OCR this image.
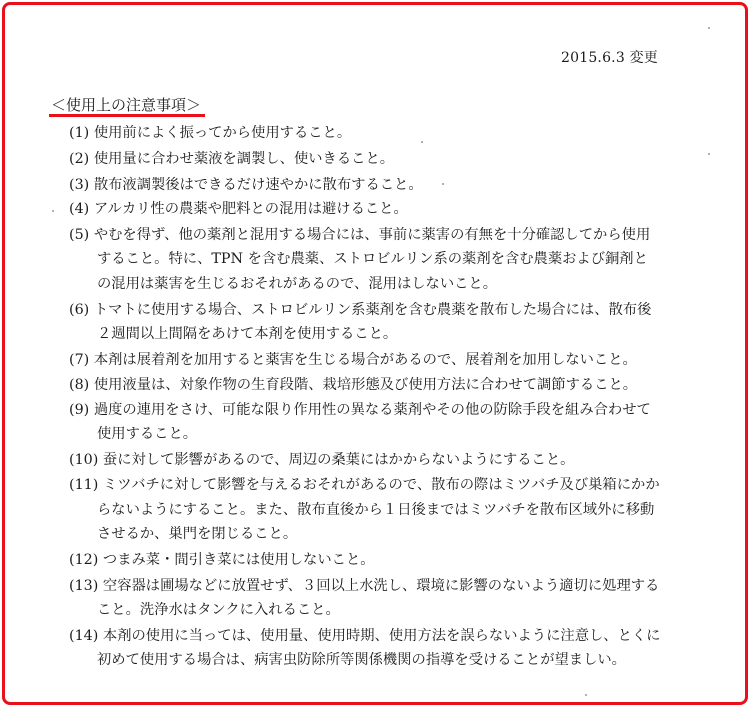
2015.6.3 変更
＜使用上の注意事項＞
(1) 使用前によく振ってから使用すること。
(2) 使用量に合わせ薬液を調製し、使いきること。
(3) 散布液調製後はできるだけ速やかに散布すること。
(4) アルカリ性の農薬や肥料との混用は避けること。
(5) やむを得ず、他の薬剤と混用する場合には、事前に薬害の有無を十分確認してから使用
すること。特に、TPN を含む農薬、ストロビルリン系の薬剤を含む農薬および銅剤と
の混用は薬害を生じるおそれがあるので、混用はしないこと。
(6) トマトに使用する場合、ストロビルリン系薬剤を含む農薬を散布した場合には、散布後
２週間以上間隔をあけて本剤を使用すること。
(7) 本剤は展着剤を加用すると薬害を生じる場合があるので、展着剤を加用しないこと。
(8) 使用液量は、対象作物の生育段階、栽培形態及び使用方法に合わせて調節すること。
(9) 過度の連用をさけ、可能な限り作用性の異なる薬剤やその他の防除手段を組み合わせて
使用すること。
(10) 蚕に対して影響があるので、周辺の桑葉にはかからないようにすること。
(11) ミツバチに対して影響を与えるおそれがあるので、散布の際はミツバチ及び巣箱にかか
らないようにすること。また、散布直後から１日後まではミツバチを散布区域外に移動
させるか、巣門を閉じること。
(12) つまみ菜・間引き菜には使用しないこと。
(13) 空容器は圃場などに放置せず、３回以上水洗し、環境に影響のないよう適切に処理する
こと。洗浄水はタンクに入れること。
(14) 本剤の使用に当っては、使用量、使用時期、使用方法を誤らないように注意し、とくに
初めて使用する場合は、病害虫防除所等関係機関の指導を受けることが望ましい。
